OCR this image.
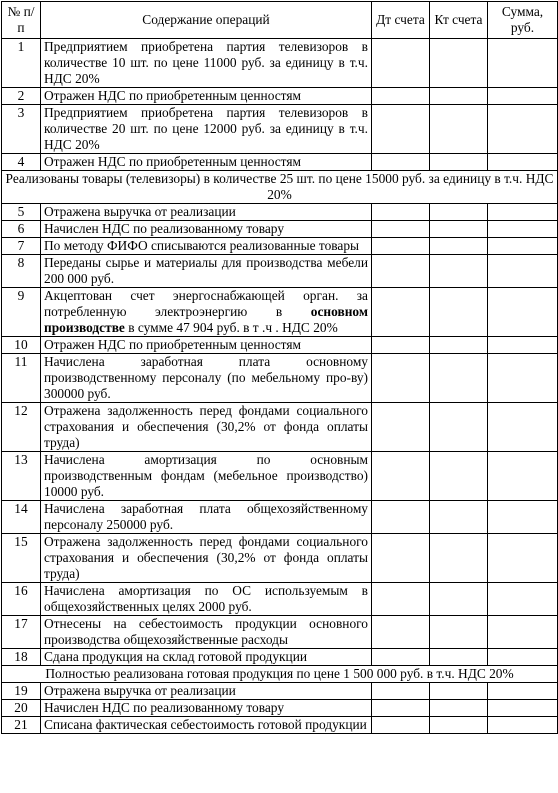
№ п/п	Содержание операций	Дт счета	Кт счета	Сумма, руб.
1	Предприятием приобретена партия телевизоров в количестве 10 шт. по цене 11000 руб. за единицу в т.ч. НДС 20%			
2	Отражен НДС по приобретенным ценностям			
3	Предприятием приобретена партия телевизоров в количестве 20 шт. по цене 12000 руб. за единицу в т.ч. НДС 20%			
4	Отражен НДС по приобретенным ценностям			
Реализованы товары (телевизоры) в количестве 25 шт. по цене 15000 руб. за единицу в т.ч. НДС 20%				
5	Отражена выручка от реализации			
6	Начислен НДС по реализованному товару			
7	По методу ФИФО списываются реализованные товары			
8	Переданы сырье и материалы для производства мебели 200 000 руб.			
9	Акцептован счет энергоснабжающей орган. за потребленную электроэнергию в основном производстве в сумме 47 904 руб. в т .ч . НДС 20%			
10	Отражен НДС по приобретенным ценностям			
11	Начислена заработная плата основному производственному персоналу (по мебельному про-ву) 300000 руб.			
12	Отражена задолженность перед фондами социального страхования и обеспечения (30,2% от фонда оплаты труда)			
13	Начислена амортизация по основным производственным фондам (мебельное производство) 10000 руб.			
14	Начислена заработная плата общехозяйственному персоналу 250000 руб.			
15	Отражена задолженность перед фондами социального страхования и обеспечения (30,2% от фонда оплаты труда)			
16	Начислена амортизация по ОС используемым в общехозяйственных целях 2000 руб.			
17	Отнесены на себестоимость продукции основного производства общехозяйственные расходы			
18	Сдана продукция на склад готовой продукции			
Полностью реализована готовая продукция по цене 1 500 000 руб. в т.ч. НДС 20%				
19	Отражена выручка от реализации			
20	Начислен НДС по реализованному товару			
21	Списана фактическая себестоимость готовой продукции			
